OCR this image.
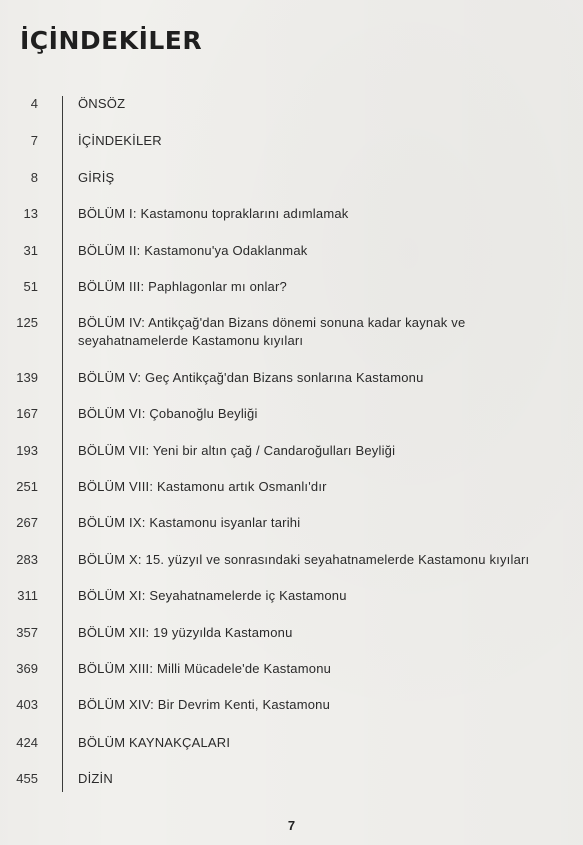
İÇİNDEKİLER
4	ÖNSÖZ
7	İÇİNDEKİLER
8	GİRİŞ
13	BÖLÜM I: Kastamonu topraklarını adımlamak
31	BÖLÜM II: Kastamonu'ya Odaklanmak
51	BÖLÜM III: Paphlagonlar mı onlar?
125	BÖLÜM IV: Antikçağ'dan Bizans dönemi sonuna kadar kaynak ve seyahatnamelerde Kastamonu kıyıları
139	BÖLÜM V: Geç Antikçağ'dan Bizans sonlarına Kastamonu
167	BÖLÜM VI: Çobanoğlu Beyliği
193	BÖLÜM VII: Yeni bir altın çağ / Candaroğulları Beyliği
251	BÖLÜM VIII: Kastamonu artık Osmanlı'dır
267	BÖLÜM IX: Kastamonu isyanlar tarihi
283	BÖLÜM X: 15. yüzyıl ve sonrasındaki seyahatnamelerde Kastamonu kıyıları
311	BÖLÜM XI: Seyahatnamelerde iç Kastamonu
357	BÖLÜM XII: 19 yüzyılda Kastamonu
369	BÖLÜM XIII: Milli Mücadele'de Kastamonu
403	BÖLÜM XIV: Bir Devrim Kenti, Kastamonu
424	BÖLÜM KAYNAKÇALARI
455	DİZİN
7
